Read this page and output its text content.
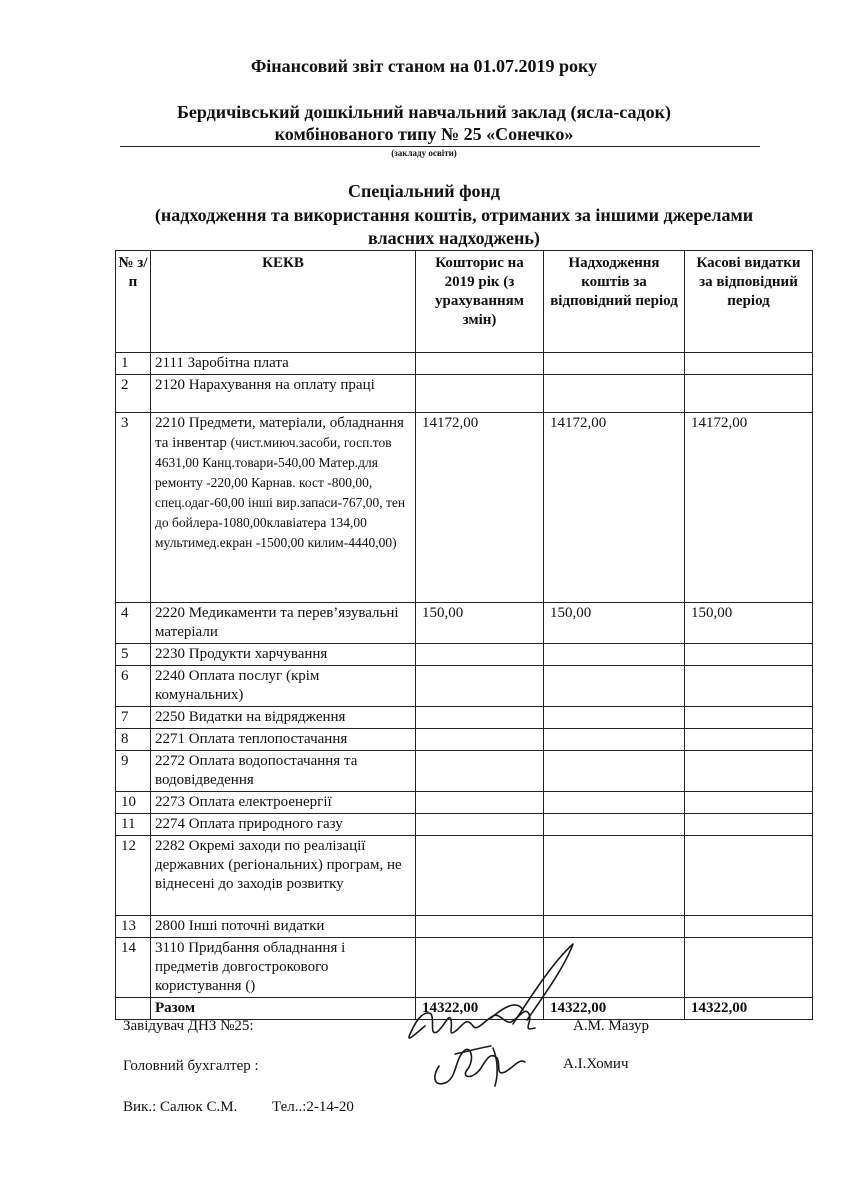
Фінансовий звіт станом на 01.07.2019 року
Бердичівський дошкільний навчальний заклад (ясла-садок)
комбінованого типу № 25 «Сонечко»
(закладу освіти)
Спеціальний фонд
(надходження та використання коштів, отриманих за іншими джерелами
власних надходжень)
№ з/п	КЕКВ	Кошторис на 2019 рік (з урахуванням змін)	Надходження коштів за відповідний період	Касові видатки за відповідний період
1	2111 Заробітна плата			
2	2120 Нарахування на оплату праці			
3	2210 Предмети, матеріали, обладнання та інвентар (чист.миюч.засоби, госп.тов 4631,00 Канц.товари-540,00 Матер.для ремонту -220,00 Карнав. кост -800,00, спец.одаг-60,00 інші вир.запаси-767,00, тен до бойлера-1080,00клавіатера 134,00 мультимед.екран -1500,00 килим-4440,00)	14172,00	14172,00	14172,00
4	2220 Медикаменти та перев’язувальні матеріали	150,00	150,00	150,00
5	2230 Продукти харчування			
6	2240 Оплата послуг (крім комунальних)			
7	2250 Видатки на відрядження			
8	2271 Оплата теплопостачання			
9	2272 Оплата водопостачання та водовідведення			
10	2273 Оплата електроенергії			
11	2274 Оплата природного газу			
12	2282 Окремі заходи по реалізації державних (регіональних) програм, не віднесені до заходів розвитку			
13	2800 Інші поточні видатки			
14	3110 Придбання обладнання і предметів довгострокового користування ()			
	Разом	14322,00	14322,00	14322,00
Завідувач ДНЗ №25:	А.М. Мазур
Головний бухгалтер :	А.І.Хомич
Вик.: Салюк С.М. Тел..:2-14-20
